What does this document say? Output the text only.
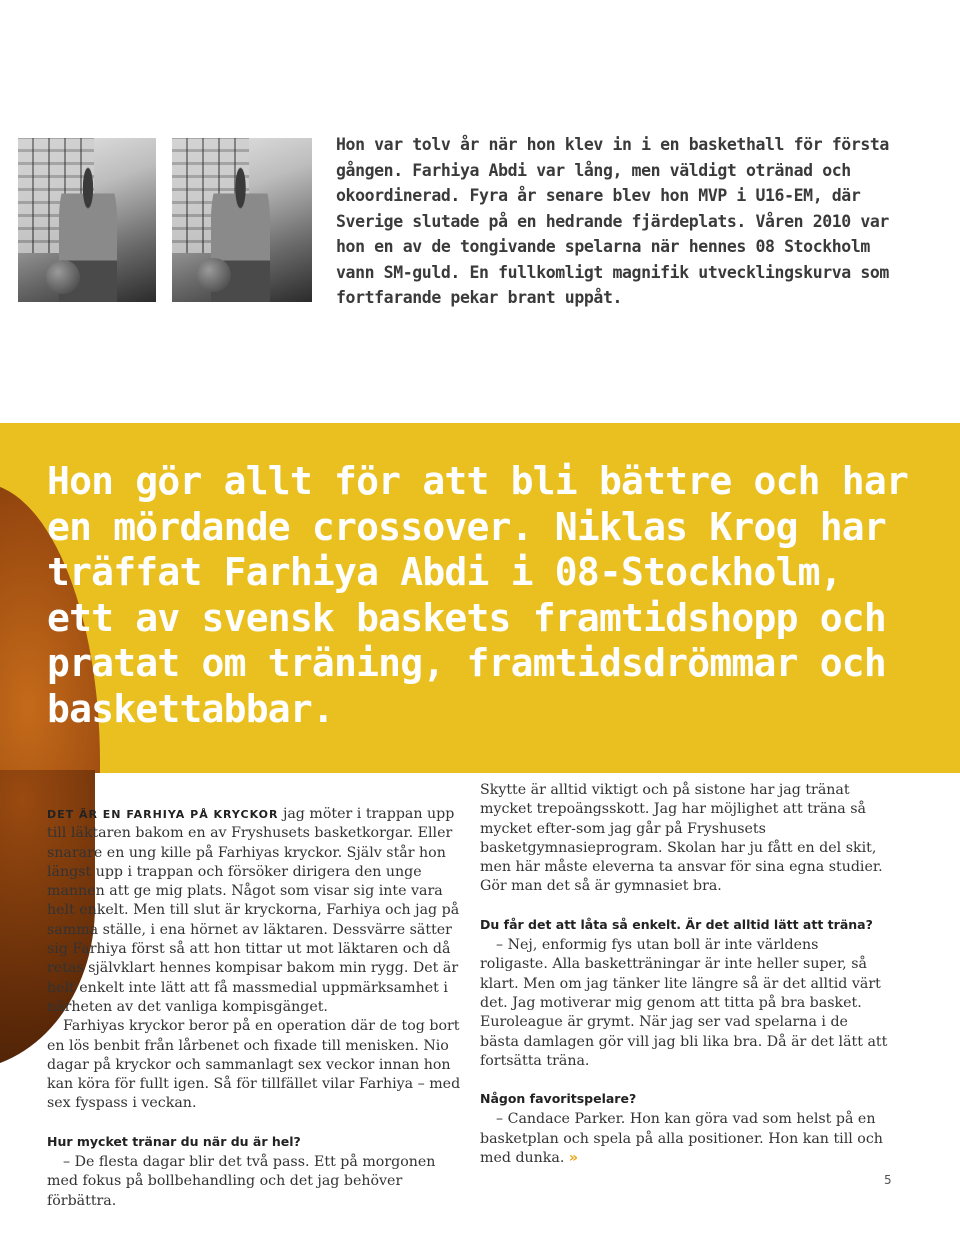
Hon var tolv år när hon klev in i en baskethall för första gången. Farhiya Abdi var lång, men väldigt otränad och okoordinerad. Fyra år senare blev hon MVP i U16-EM, där Sverige slutade på en hedrande fjärdeplats. Våren 2010 var hon en av de tongivande spelarna när hennes 08 Stockholm vann SM-guld. En fullkomligt magnifik utvecklingskurva som fortfarande pekar brant uppåt.

Hon gör allt för att bli bättre och har en mördande crossover. Niklas Krog har träffat Farhiya Abdi i 08-Stockholm, ett av svensk baskets framtidshopp och pratat om träning, framtidsdrömmar och baskettabbar.

DET ÄR EN FARHIYA PÅ KRYCKOR jag möter i trappan upp till läktaren bakom en av Fryshusets basketkorgar. Eller snarare en ung kille på Farhiyas kryckor. Själv står hon längst upp i trappan och försöker dirigera den unge mannen att ge mig plats. Något som visar sig inte vara helt enkelt. Men till slut är kryckorna, Farhiya och jag på samma ställe, i ena hörnet av läktaren. Dessvärre sätter sig Farhiya först så att hon tittar ut mot läktaren och då retas självklart hennes kompisar bakom min rygg. Det är helt enkelt inte lätt att få massmedial uppmärksamhet i närheten av det vanliga kompisgänget.

Farhiyas kryckor beror på en operation där de tog bort en lös benbit från lårbenet och fixade till menisken. Nio dagar på kryckor och sammanlagt sex veckor innan hon kan köra för fullt igen. Så för tillfället vilar Farhiya – med sex fyspass i veckan.

Hur mycket tränar du när du är hel?

– De flesta dagar blir det två pass. Ett på morgonen med fokus på bollbehandling och det jag behöver förbättra.

Skytte är alltid viktigt och på sistone har jag tränat mycket trepoängsskott. Jag har möjlighet att träna så mycket efter-som jag går på Fryshusets basketgymnasieprogram. Skolan har ju fått en del skit, men här måste eleverna ta ansvar för sina egna studier. Gör man det så är gymnasiet bra.

Du får det att låta så enkelt. Är det alltid lätt att träna?

– Nej, enformig fys utan boll är inte världens roligaste. Alla basketträningar är inte heller super, så klart. Men om jag tänker lite längre så är det alltid värt det. Jag motiverar mig genom att titta på bra basket. Euroleague är grymt. När jag ser vad spelarna i de bästa damlagen gör vill jag bli lika bra. Då är det lätt att fortsätta träna.

Någon favoritspelare?

– Candace Parker. Hon kan göra vad som helst på en basketplan och spela på alla positioner. Hon kan till och med dunka. »

5
